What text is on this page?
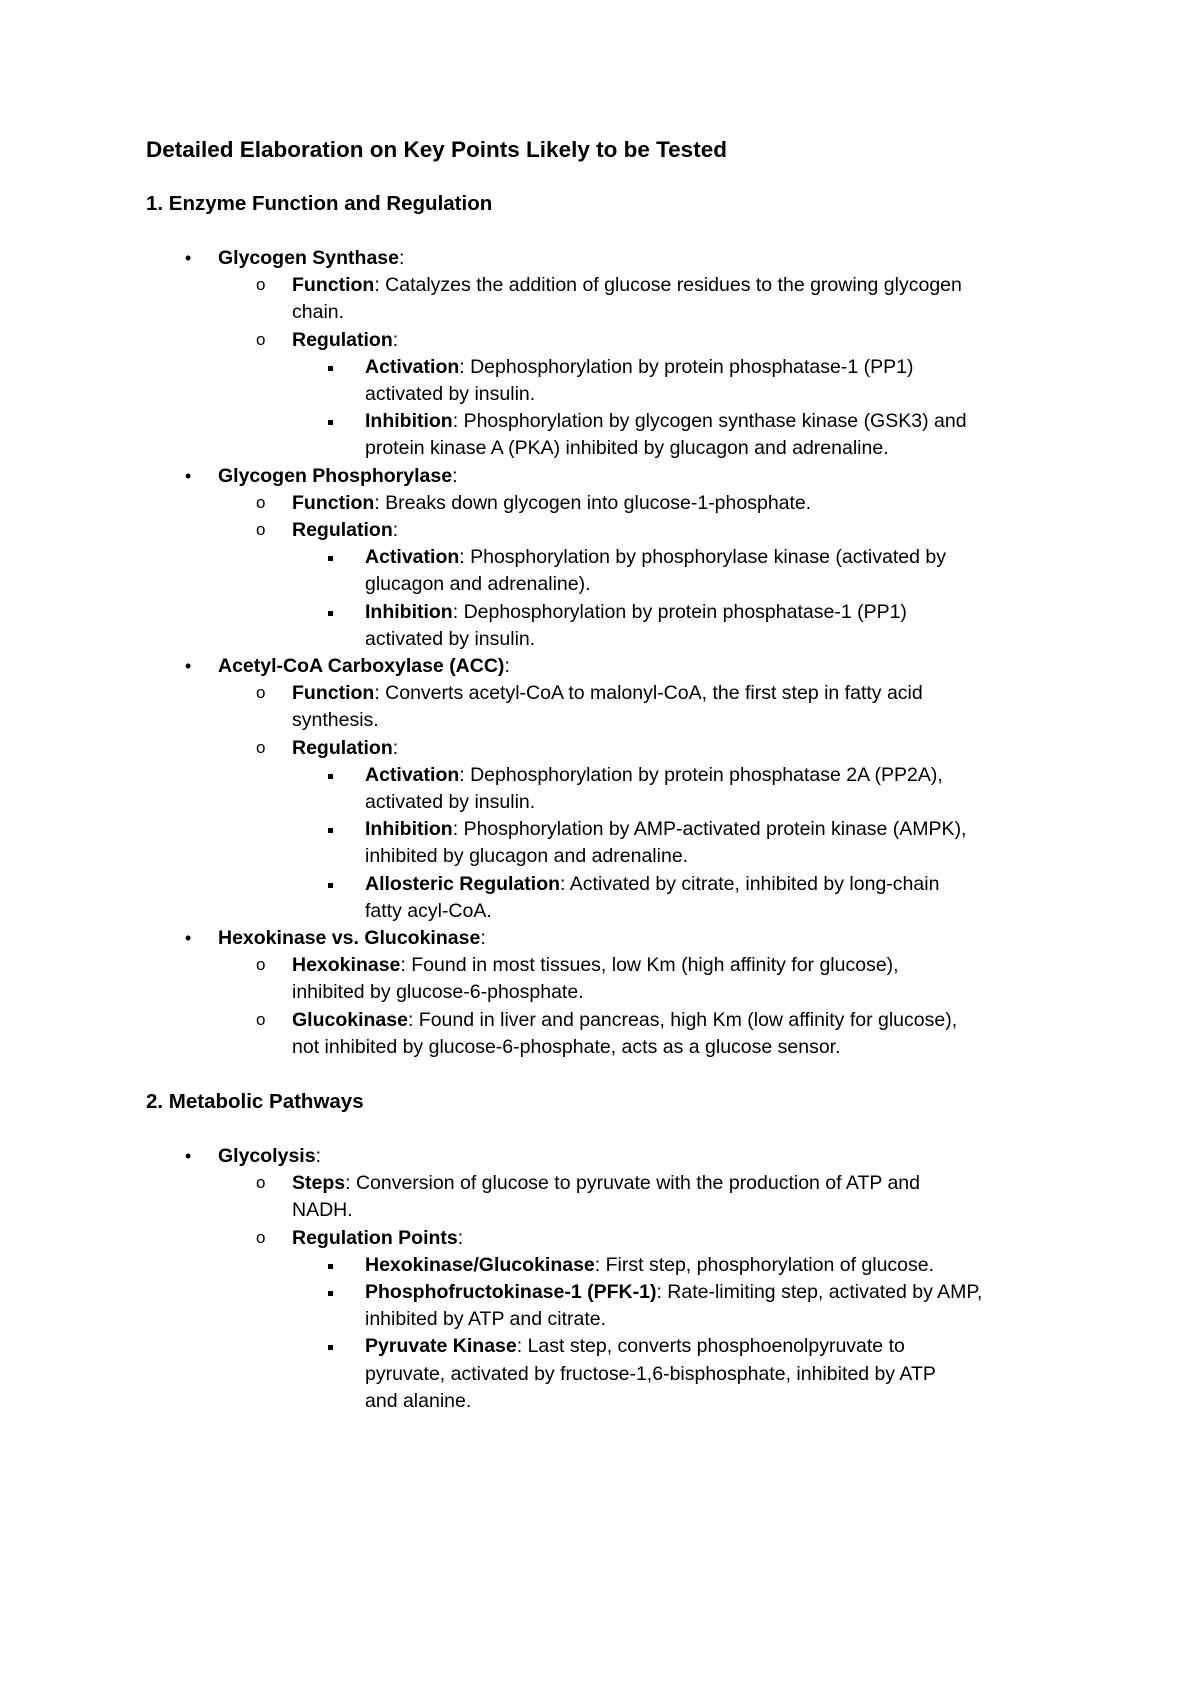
Detailed Elaboration on Key Points Likely to be Tested
1. Enzyme Function and Regulation
• Glycogen Synthase:
o Function: Catalyzes the addition of glucose residues to the growing glycogen
chain.
o Regulation:
Activation: Dephosphorylation by protein phosphatase-1 (PP1)
activated by insulin.
Inhibition: Phosphorylation by glycogen synthase kinase (GSK3) and
protein kinase A (PKA) inhibited by glucagon and adrenaline.
• Glycogen Phosphorylase:
o Function: Breaks down glycogen into glucose-1-phosphate.
o Regulation:
Activation: Phosphorylation by phosphorylase kinase (activated by
glucagon and adrenaline).
Inhibition: Dephosphorylation by protein phosphatase-1 (PP1)
activated by insulin.
• Acetyl-CoA Carboxylase (ACC):
o Function: Converts acetyl-CoA to malonyl-CoA, the first step in fatty acid
synthesis.
o Regulation:
Activation: Dephosphorylation by protein phosphatase 2A (PP2A),
activated by insulin.
Inhibition: Phosphorylation by AMP-activated protein kinase (AMPK),
inhibited by glucagon and adrenaline.
Allosteric Regulation: Activated by citrate, inhibited by long-chain
fatty acyl-CoA.
• Hexokinase vs. Glucokinase:
o Hexokinase: Found in most tissues, low Km (high affinity for glucose),
inhibited by glucose-6-phosphate.
o Glucokinase: Found in liver and pancreas, high Km (low affinity for glucose),
not inhibited by glucose-6-phosphate, acts as a glucose sensor.
2. Metabolic Pathways
• Glycolysis:
o Steps: Conversion of glucose to pyruvate with the production of ATP and
NADH.
o Regulation Points:
Hexokinase/Glucokinase: First step, phosphorylation of glucose.
Phosphofructokinase-1 (PFK-1): Rate-limiting step, activated by AMP,
inhibited by ATP and citrate.
Pyruvate Kinase: Last step, converts phosphoenolpyruvate to
pyruvate, activated by fructose-1,6-bisphosphate, inhibited by ATP
and alanine.
